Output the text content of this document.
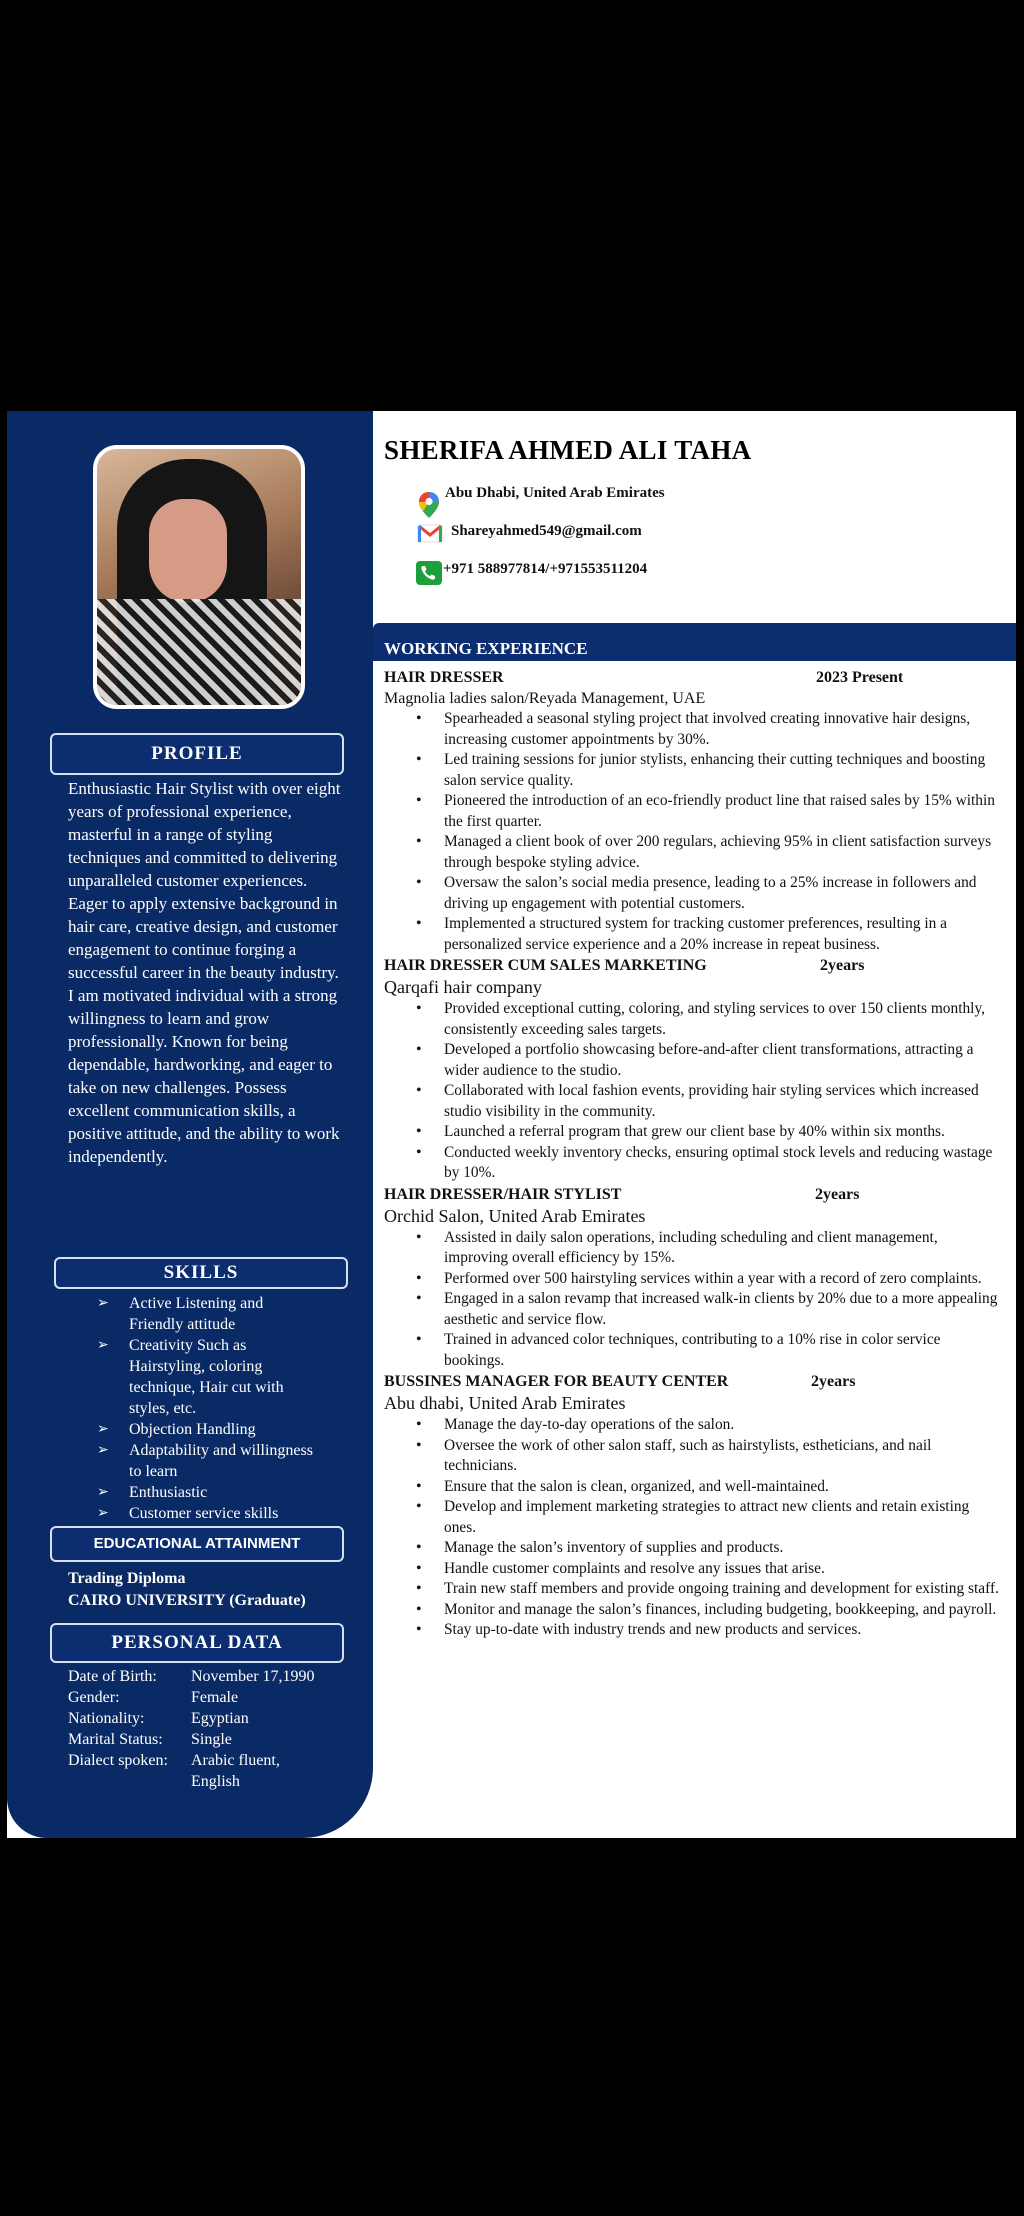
PROFILE
Enthusiastic Hair Stylist with over eight years of professional experience, masterful in a range of styling techniques and committed to delivering unparalleled customer experiences. Eager to apply extensive background in hair care, creative design, and customer engagement to continue forging a successful career in the beauty industry. I am motivated individual with a strong willingness to learn and grow professionally. Known for being dependable, hardworking, and eager to take on new challenges. Possess excellent communication skills, a positive attitude, and the ability to work independently.
SKILLS
➢ Active Listening and Friendly attitude
➢ Creativity Such as Hairstyling, coloring technique, Hair cut with styles, etc.
➢ Objection Handling
➢ Adaptability and willingness to learn
➢ Enthusiastic
➢ Customer service skills
EDUCATIONAL ATTAINMENT
Trading Diploma
CAIRO UNIVERSITY (Graduate)
PERSONAL DATA
Date of Birth:	November 17,1990
Gender:	Female
Nationality:	Egyptian
Marital Status:	Single
Dialect spoken:	Arabic fluent, English
SHERIFA AHMED ALI TAHA
Abu Dhabi, United Arab Emirates
Shareyahmed549@gmail.com
+971 588977814/+971553511204
WORKING EXPERIENCE
HAIR DRESSER	2023 Present
Magnolia ladies salon/Reyada Management, UAE
• Spearheaded a seasonal styling project that involved creating innovative hair designs, increasing customer appointments by 30%.
• Led training sessions for junior stylists, enhancing their cutting techniques and boosting salon service quality.
• Pioneered the introduction of an eco-friendly product line that raised sales by 15% within the first quarter.
• Managed a client book of over 200 regulars, achieving 95% in client satisfaction surveys through bespoke styling advice.
• Oversaw the salon’s social media presence, leading to a 25% increase in followers and driving up engagement with potential customers.
• Implemented a structured system for tracking customer preferences, resulting in a personalized service experience and a 20% increase in repeat business.
HAIR DRESSER CUM SALES MARKETING	2years
Qarqafi hair company
• Provided exceptional cutting, coloring, and styling services to over 150 clients monthly, consistently exceeding sales targets.
• Developed a portfolio showcasing before-and-after client transformations, attracting a wider audience to the studio.
• Collaborated with local fashion events, providing hair styling services which increased studio visibility in the community.
• Launched a referral program that grew our client base by 40% within six months.
• Conducted weekly inventory checks, ensuring optimal stock levels and reducing wastage by 10%.
HAIR DRESSER/HAIR STYLIST	2years
Orchid Salon, United Arab Emirates
• Assisted in daily salon operations, including scheduling and client management, improving overall efficiency by 15%.
• Performed over 500 hairstyling services within a year with a record of zero complaints.
• Engaged in a salon revamp that increased walk-in clients by 20% due to a more appealing aesthetic and service flow.
• Trained in advanced color techniques, contributing to a 10% rise in color service bookings.
BUSSINES MANAGER FOR BEAUTY CENTER	2years
Abu dhabi, United Arab Emirates
• Manage the day-to-day operations of the salon.
• Oversee the work of other salon staff, such as hairstylists, estheticians, and nail technicians.
• Ensure that the salon is clean, organized, and well-maintained.
• Develop and implement marketing strategies to attract new clients and retain existing ones.
• Manage the salon’s inventory of supplies and products.
• Handle customer complaints and resolve any issues that arise.
• Train new staff members and provide ongoing training and development for existing staff.
• Monitor and manage the salon’s finances, including budgeting, bookkeeping, and payroll.
• Stay up-to-date with industry trends and new products and services.
